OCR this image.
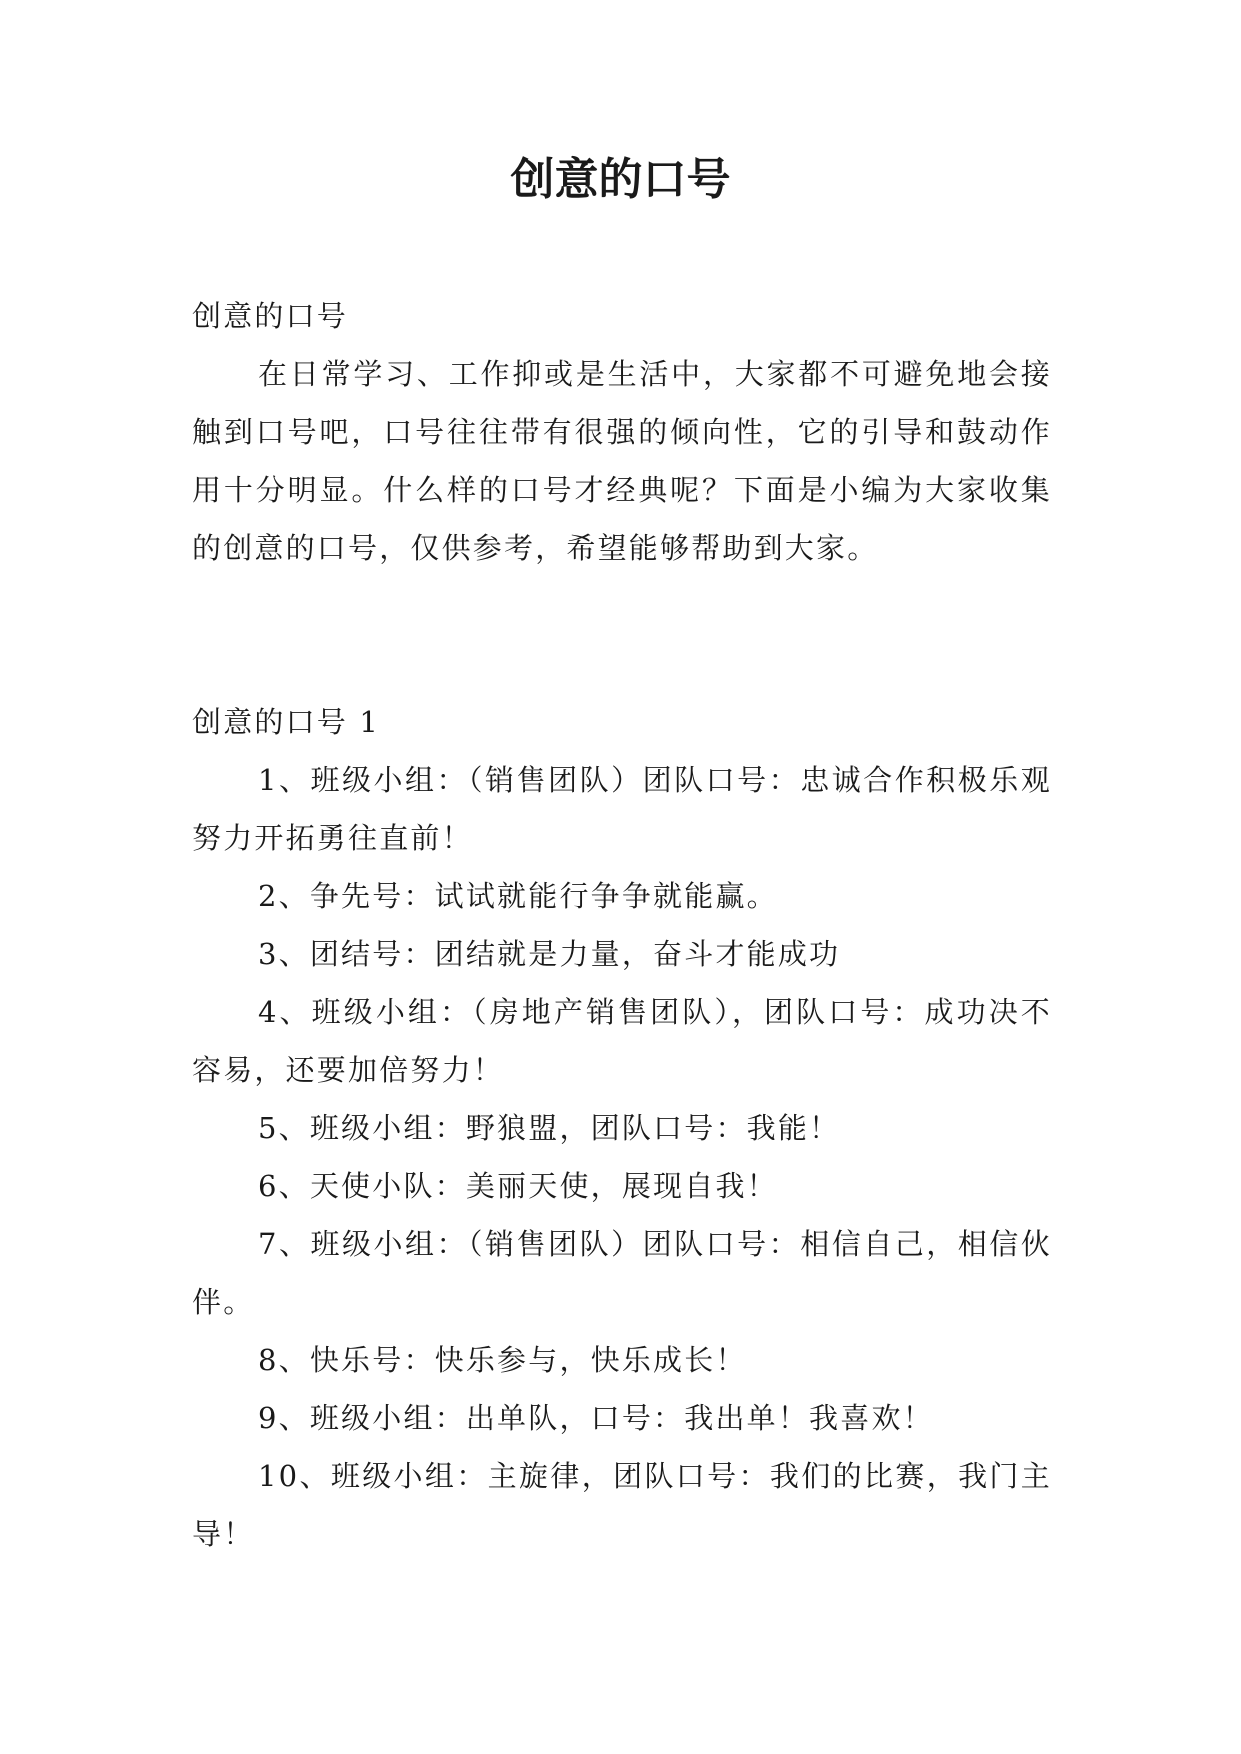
创意的口号

创意的口号

在日常学习、工作抑或是生活中，大家都不可避免地会接触到口号吧，口号往往带有很强的倾向性，它的引导和鼓动作用十分明显。什么样的口号才经典呢？下面是小编为大家收集的创意的口号，仅供参考，希望能够帮助到大家。

创意的口号 1

1、班级小组：（销售团队）团队口号：忠诚合作积极乐观努力开拓勇往直前！

2、争先号：试试就能行争争就能赢。

3、团结号：团结就是力量，奋斗才能成功

4、班级小组：（房地产销售团队），团队口号：成功决不容易，还要加倍努力！

5、班级小组：野狼盟，团队口号：我能！

6、天使小队：美丽天使，展现自我！

7、班级小组：（销售团队）团队口号：相信自己，相信伙伴。

8、快乐号：快乐参与，快乐成长！

9、班级小组：出单队，口号：我出单！我喜欢！

10、班级小组：主旋律，团队口号：我们的比赛，我门主导！
